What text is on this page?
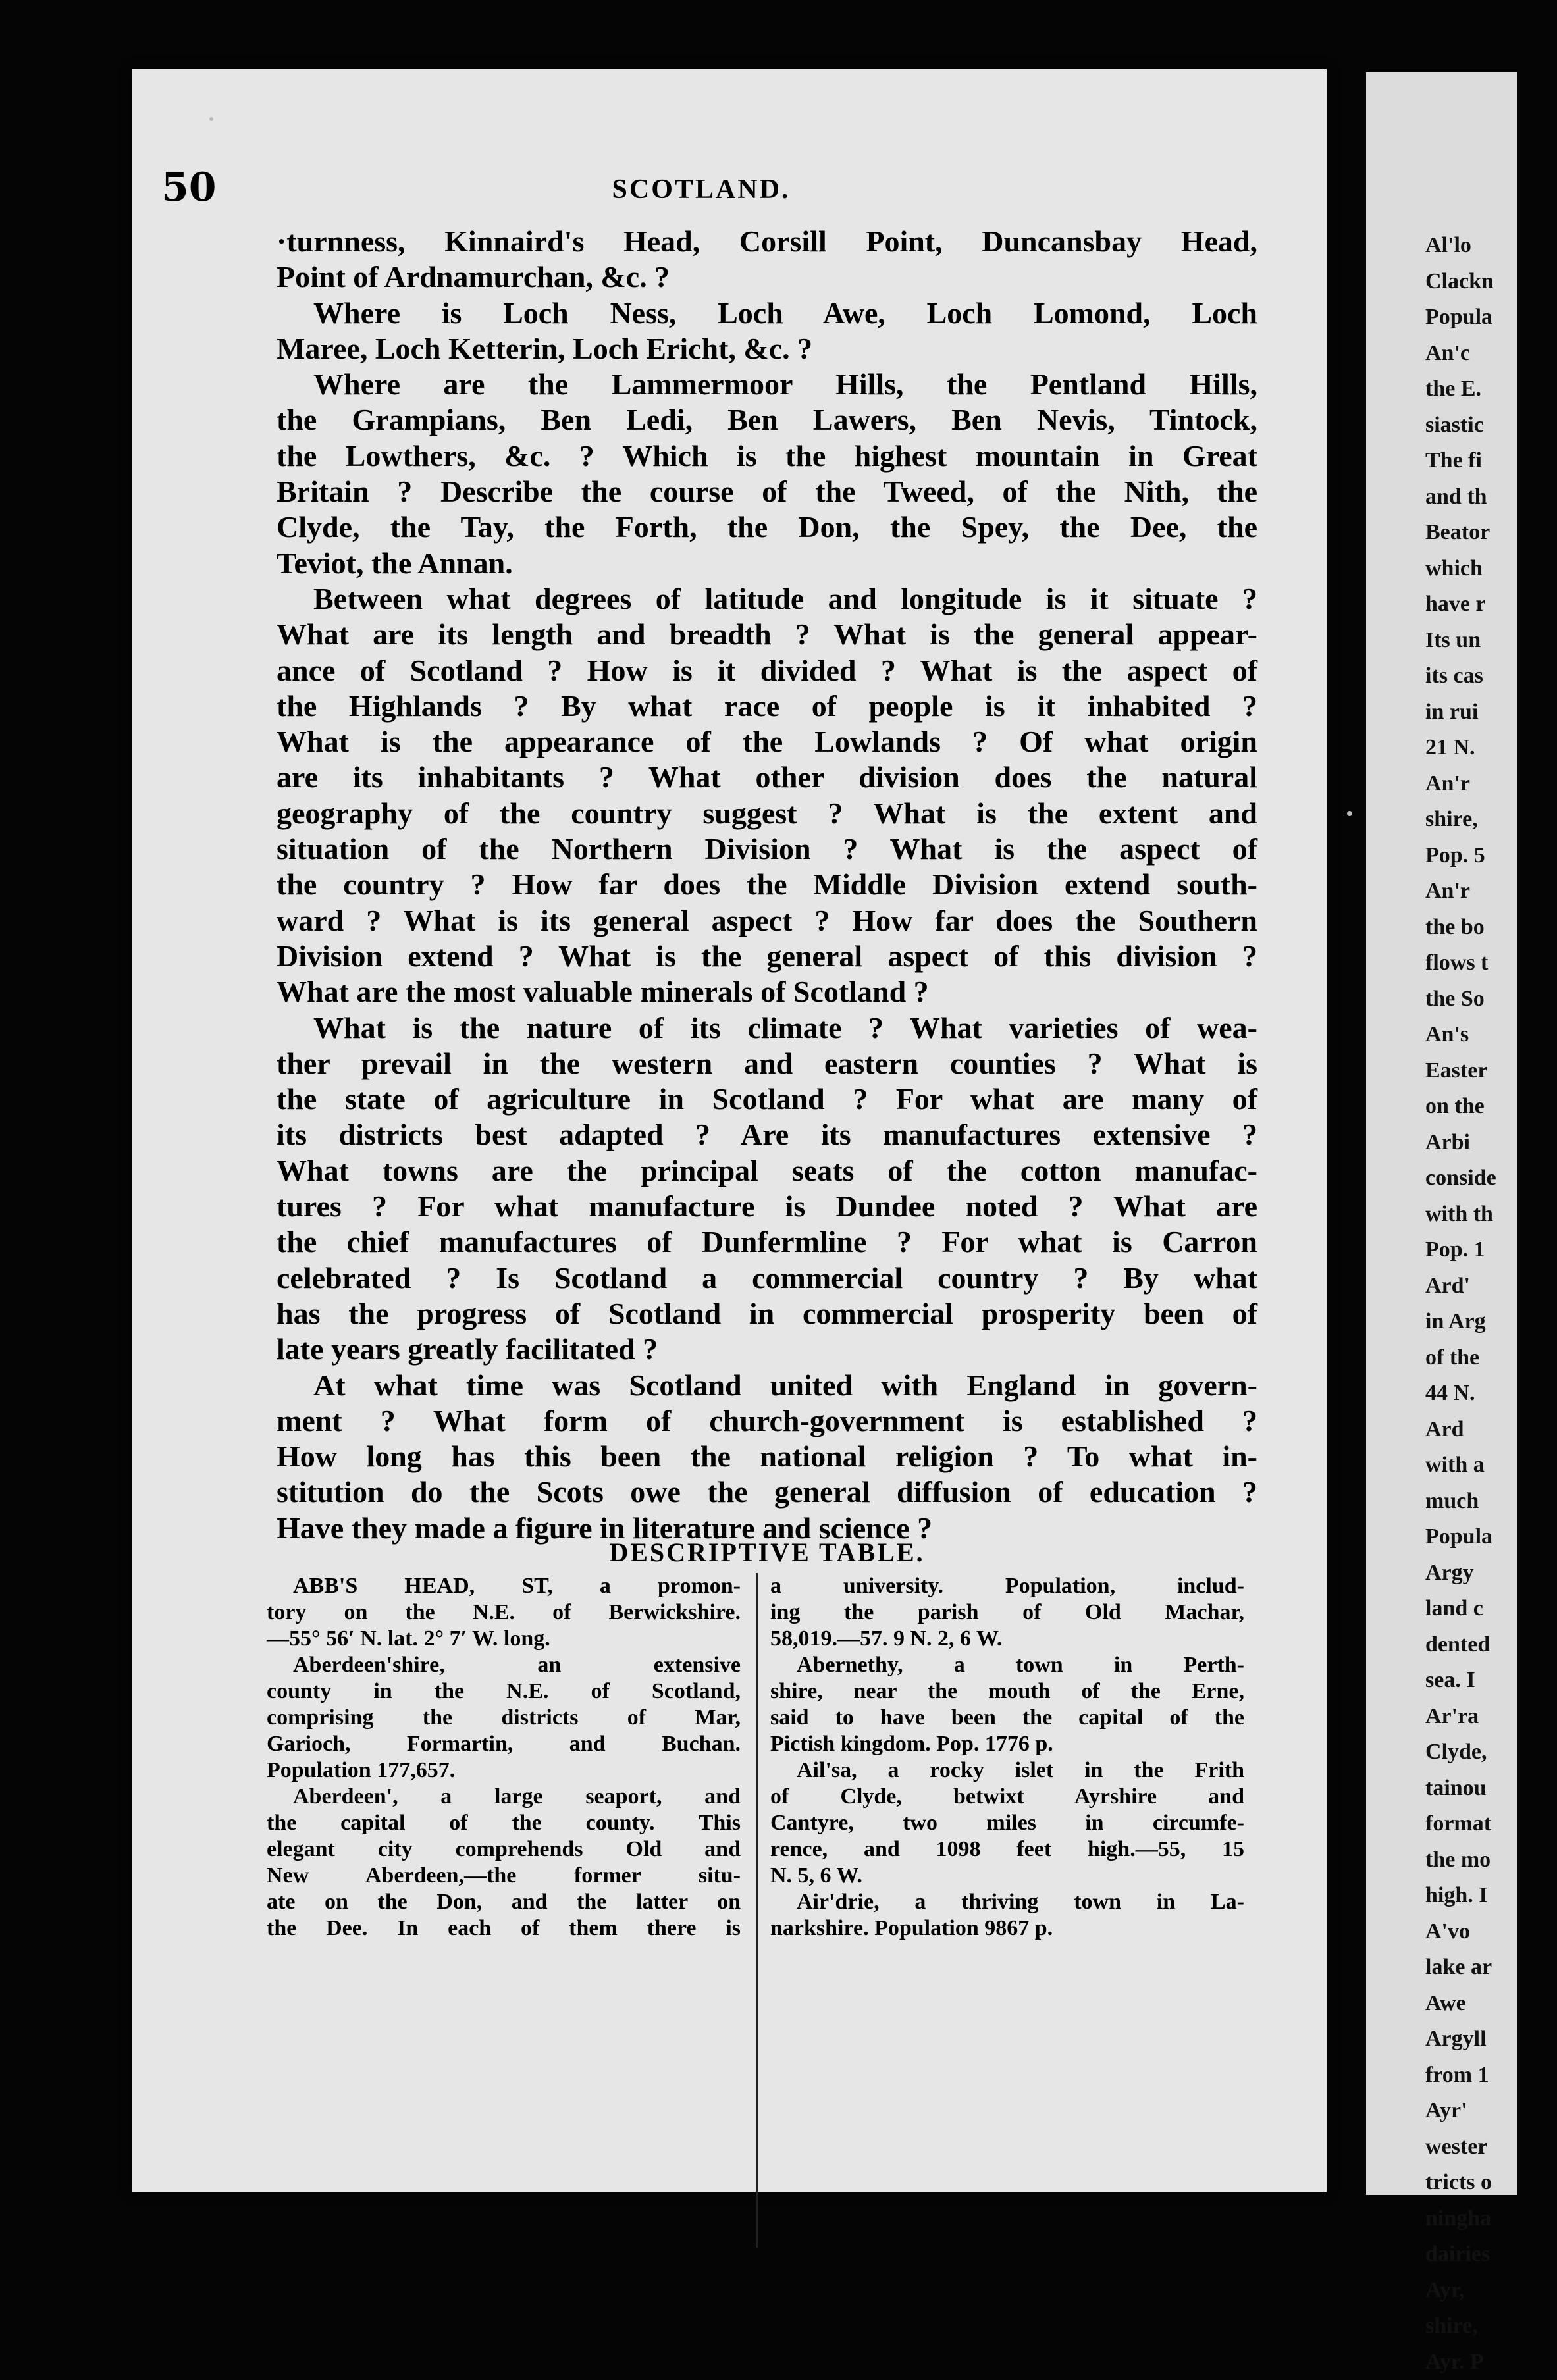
Al'lo
Clackn
Popula
An'c
the E.
siastic
The fi
and th
Beator
which
have r
Its un
its cas
in rui
21 N.
An'r
shire,
Pop. 5
An'r
the bo
flows t
the So
An's
Easter
on the
Arbi
conside
with th
Pop. 1
Ard'
in Arg
of the
44 N.
Ard
with a
much
Popula
Argy
land c
dented
sea. I
Ar'ra
Clyde,
tainou
format
the mo
high. I
A'vo
lake ar
Awe
Argyll
from 1
Ayr'
wester
tricts o
ningha
dairies
Ayr,
shire,
Ayr. P
50	SCOTLAND.
·turnness, Kinnaird's Head, Corsill Point, Duncansbay Head,
Point of Ardnamurchan, &c. ?
Where is Loch Ness, Loch Awe, Loch Lomond, Loch
Maree, Loch Ketterin, Loch Ericht, &c. ?
Where are the Lammermoor Hills, the Pentland Hills,
the Grampians, Ben Ledi, Ben Lawers, Ben Nevis, Tintock,
the Lowthers, &c. ? Which is the highest mountain in Great
Britain ? Describe the course of the Tweed, of the Nith, the
Clyde, the Tay, the Forth, the Don, the Spey, the Dee, the
Teviot, the Annan.
Between what degrees of latitude and longitude is it situate ?
What are its length and breadth ? What is the general appear-
ance of Scotland ? How is it divided ? What is the aspect of
the Highlands ? By what race of people is it inhabited ?
What is the appearance of the Lowlands ? Of what origin
are its inhabitants ? What other division does the natural
geography of the country suggest ? What is the extent and
situation of the Northern Division ? What is the aspect of
the country ? How far does the Middle Division extend south-
ward ? What is its general aspect ? How far does the Southern
Division extend ? What is the general aspect of this division ?
What are the most valuable minerals of Scotland ?
What is the nature of its climate ? What varieties of wea-
ther prevail in the western and eastern counties ? What is
the state of agriculture in Scotland ? For what are many of
its districts best adapted ? Are its manufactures extensive ?
What towns are the principal seats of the cotton manufac-
tures ? For what manufacture is Dundee noted ? What are
the chief manufactures of Dunfermline ? For what is Carron
celebrated ? Is Scotland a commercial country ? By what
has the progress of Scotland in commercial prosperity been of
late years greatly facilitated ?
At what time was Scotland united with England in govern-
ment ? What form of church-government is established ?
How long has this been the national religion ? To what in-
stitution do the Scots owe the general diffusion of education ?
Have they made a figure in literature and science ?
DESCRIPTIVE TABLE.
ABB'S HEAD, ST, a promon-
tory on the N.E. of Berwickshire.
—55° 56′ N. lat. 2° 7′ W. long.
Aberdeen'shire, an extensive
county in the N.E. of Scotland,
comprising the districts of Mar,
Garioch, Formartin, and Buchan.
Population 177,657.
Aberdeen', a large seaport, and
the capital of the county. This
elegant city comprehends Old and
New Aberdeen,—the former situ-
ate on the Don, and the latter on
the Dee. In each of them there is
a university. Population, includ-
ing the parish of Old Machar,
58,019.—57. 9 N. 2, 6 W.
Abernethy, a town in Perth-
shire, near the mouth of the Erne,
said to have been the capital of the
Pictish kingdom. Pop. 1776 p.
Ail'sa, a rocky islet in the Frith
of Clyde, betwixt Ayrshire and
Cantyre, two miles in circumfe-
rence, and 1098 feet high.—55, 15
N. 5, 6 W.
Air'drie, a thriving town in La-
narkshire. Population 9867 p.
